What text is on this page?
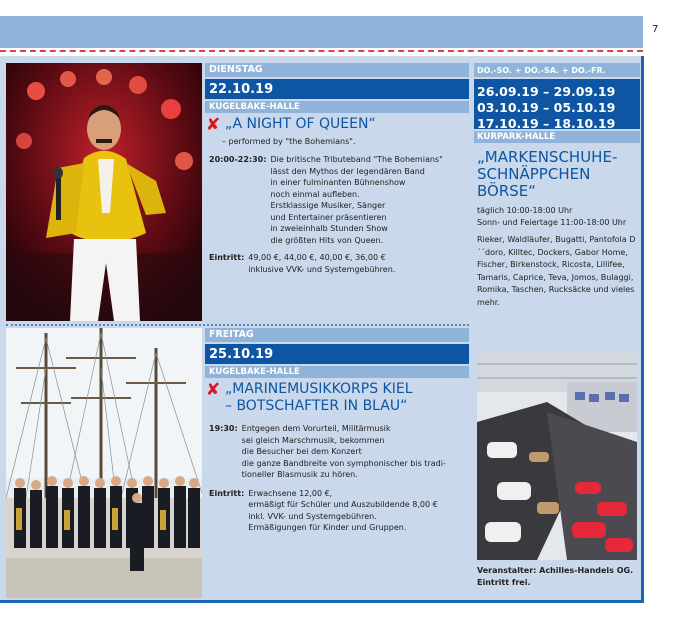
7
DIENSTAG
22.10.19
KUGELBAKE-HALLE
✘ „A NIGHT OF QUEEN“
– performed by "the Bohemians".
20:00-22:30: Die britische Tributeband "The Bohemians"
lässt den Mythos der legendären Band
in einer fulminanten Bühnenshow
noch einmal aufleben.
Erstklassige Musiker, Sänger
und Entertainer präsentieren
in zweieinhalb Stunden Show
die größten Hits von Queen.
Eintritt: 49,00 €, 44,00 €, 40,00 €, 36,00 €
inklusive VVK- und Systemgebühren.
FREITAG
25.10.19
KUGELBAKE-HALLE
✘ „MARINEMUSIKKORPS KIEL
– BOTSCHAFTER IN BLAU“
19:30: Entgegen dem Vorurteil, Militärmusik
sei gleich Marschmusik, bekommen
die Besucher bei dem Konzert
die ganze Bandbreite von symphonischer bis tradi-
tioneller Blasmusik zu hören.
Eintritt: Erwachsene 12,00 €,
ermäßigt für Schüler und Auszubildende 8,00 €
inkl. VVK- und Systemgebühren.
Ermäßigungen für Kinder und Gruppen.
DO.-SO. + DO.-SA. + DO.-FR.
26.09.19 – 29.09.19
03.10.19 – 05.10.19
17.10.19 – 18.10.19
KURPARK-HALLE
„MARKENSCHUHE-
SCHNÄPPCHEN
BÖRSE“
täglich 10:00-18:00 Uhr
Sonn- und Feiertage 11:00-18:00 Uhr
Rieker, Waldläufer, Bugatti, Pantofola D´´doro, Killtec, Dockers, Gabor Home, Fischer, Birkenstock, Ricosta, Lillifee, Tamaris, Caprice, Teva, Jomos, Bulaggi, Romika, Taschen, Rucksäcke und vieles mehr.
Veranstalter: Achilles-Handels OG.
Eintritt frei.
